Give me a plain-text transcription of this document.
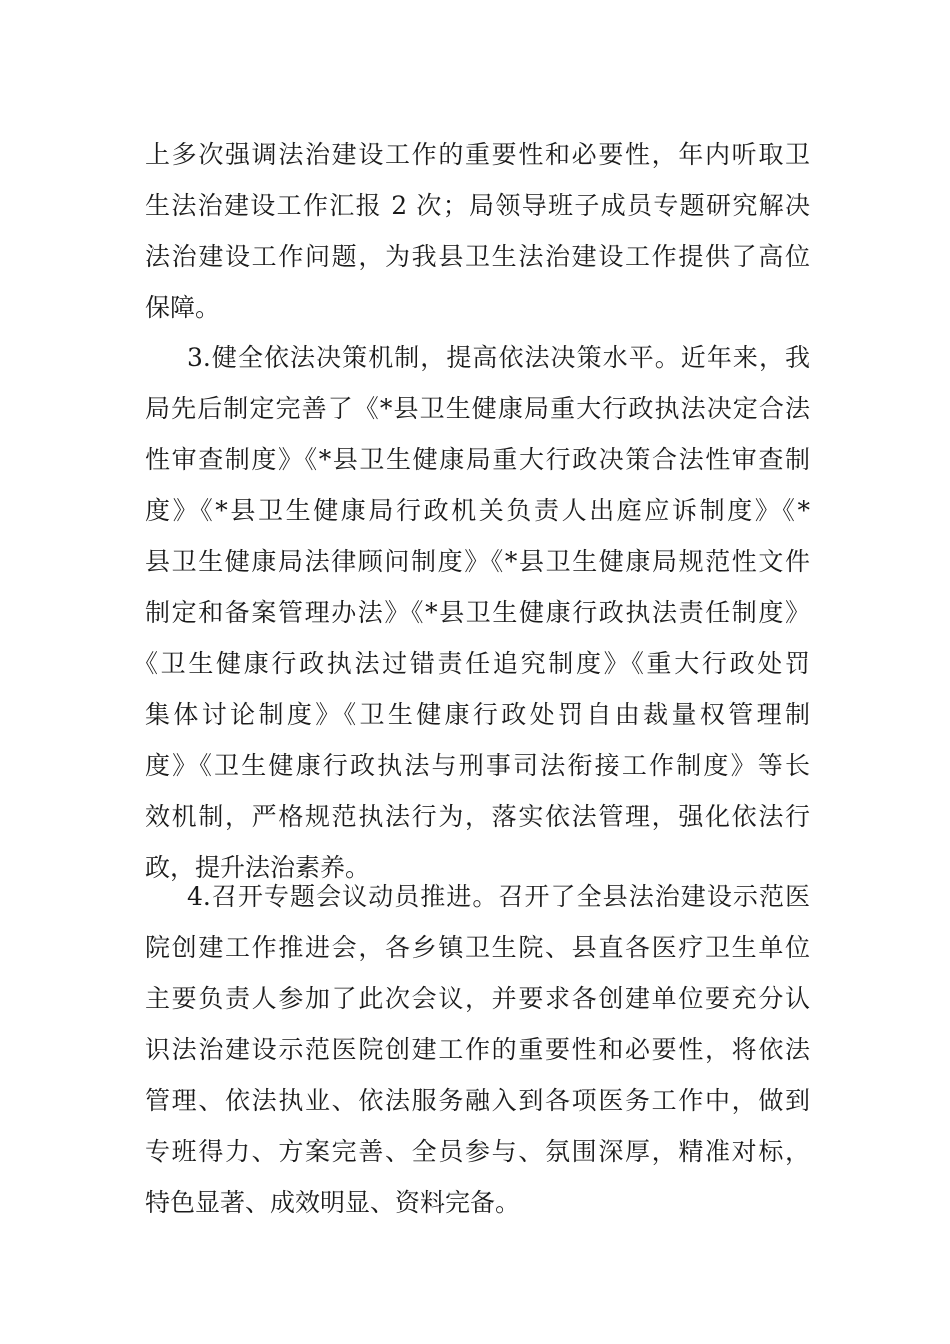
上多次强调法治建设工作的重要性和必要性，年内听取卫
生法治建设工作汇报 2 次；局领导班子成员专题研究解决
法治建设工作问题，为我县卫生法治建设工作提供了高位
保障。
3.健全依法决策机制，提高依法决策水平。近年来，我
局先后制定完善了《*县卫生健康局重大行政执法决定合法
性审查制度》《*县卫生健康局重大行政决策合法性审查制
度》《*县卫生健康局行政机关负责人出庭应诉制度》《*
县卫生健康局法律顾问制度》《*县卫生健康局规范性文件
制定和备案管理办法》《*县卫生健康行政执法责任制度》
《卫生健康行政执法过错责任追究制度》《重大行政处罚
集体讨论制度》《卫生健康行政处罚自由裁量权管理制
度》《卫生健康行政执法与刑事司法衔接工作制度》等长
效机制，严格规范执法行为，落实依法管理，强化依法行
政，提升法治素养。
4.召开专题会议动员推进。召开了全县法治建设示范医
院创建工作推进会，各乡镇卫生院、县直各医疗卫生单位
主要负责人参加了此次会议，并要求各创建单位要充分认
识法治建设示范医院创建工作的重要性和必要性，将依法
管理、依法执业、依法服务融入到各项医务工作中，做到
专班得力、方案完善、全员参与、氛围深厚，精准对标，
特色显著、成效明显、资料完备。
